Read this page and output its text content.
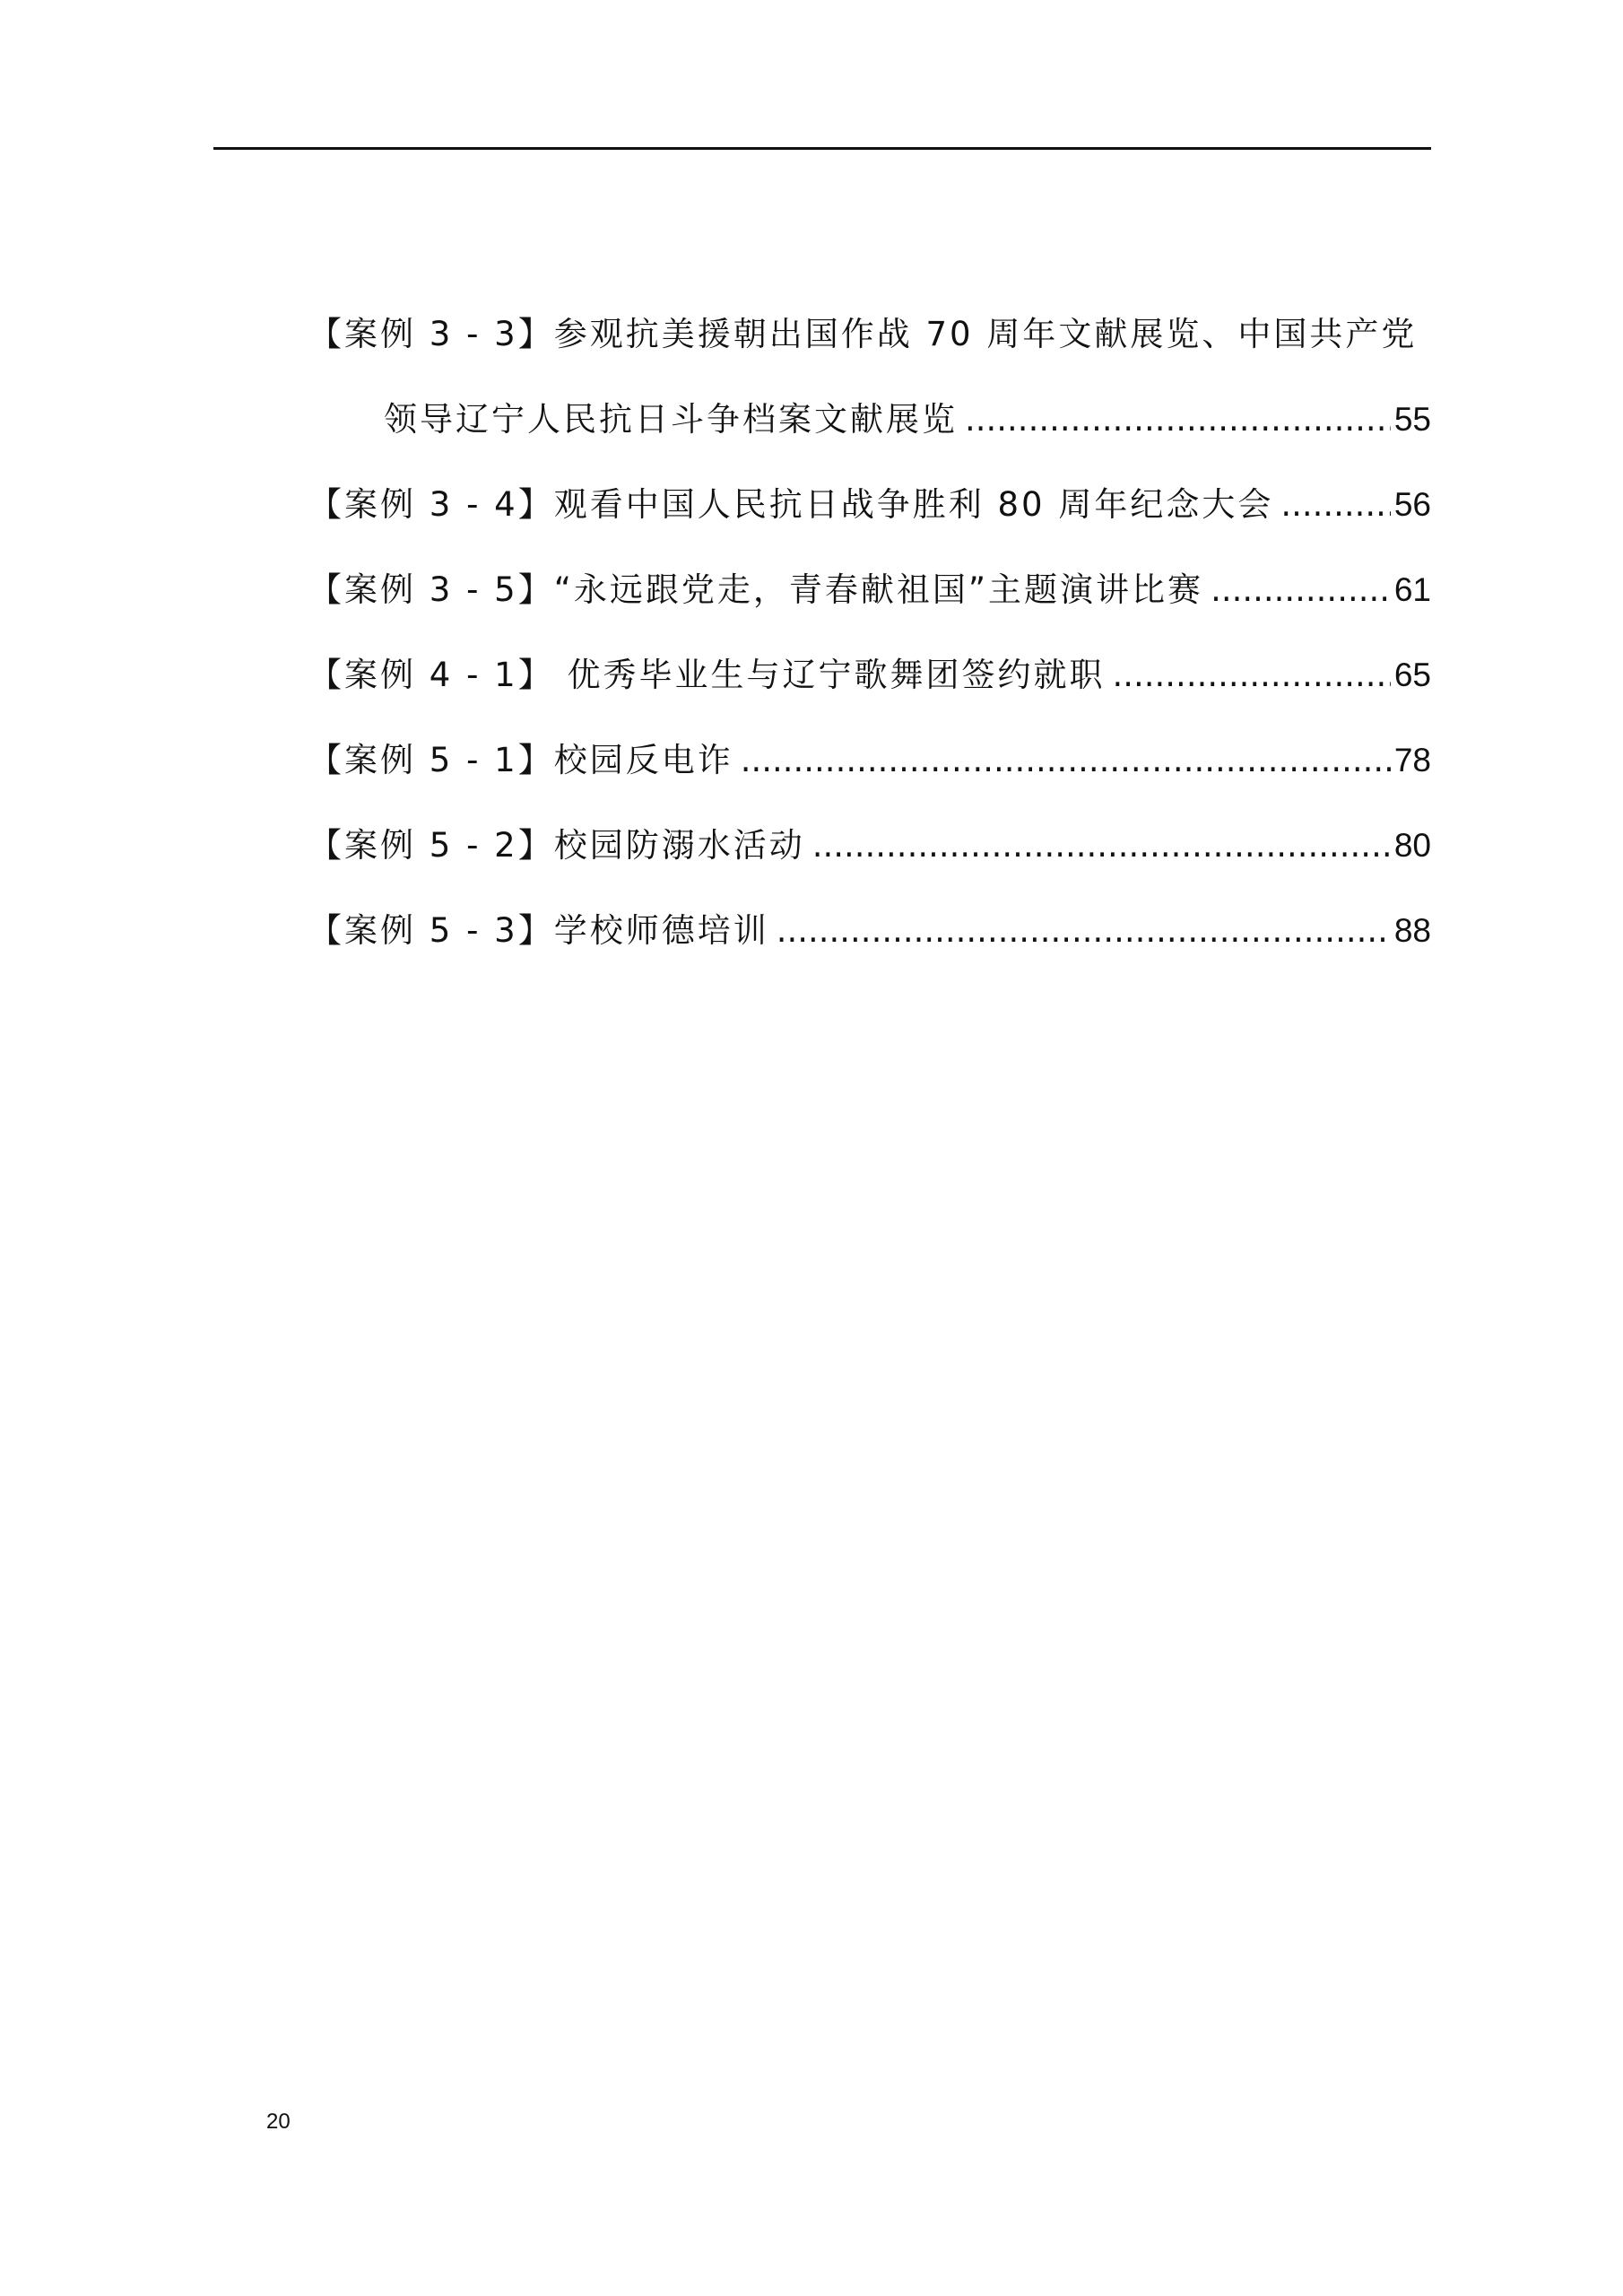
【案例 3 - 3】参观抗美援朝出国作战 70 周年文献展览、中国共产党
领导辽宁人民抗日斗争档案文献展览 .....	55
【案例 3 - 4】观看中国人民抗日战争胜利 80 周年纪念大会 .....	56
【案例 3 - 5】“永远跟党走，青春献祖国”主题演讲比赛 .....	61
【案例 4 - 1】 优秀毕业生与辽宁歌舞团签约就职 .....	65
【案例 5 - 1】校园反电诈 .....	78
【案例 5 - 2】校园防溺水活动 .....	80
【案例 5 - 3】学校师德培训 .....	88
20
